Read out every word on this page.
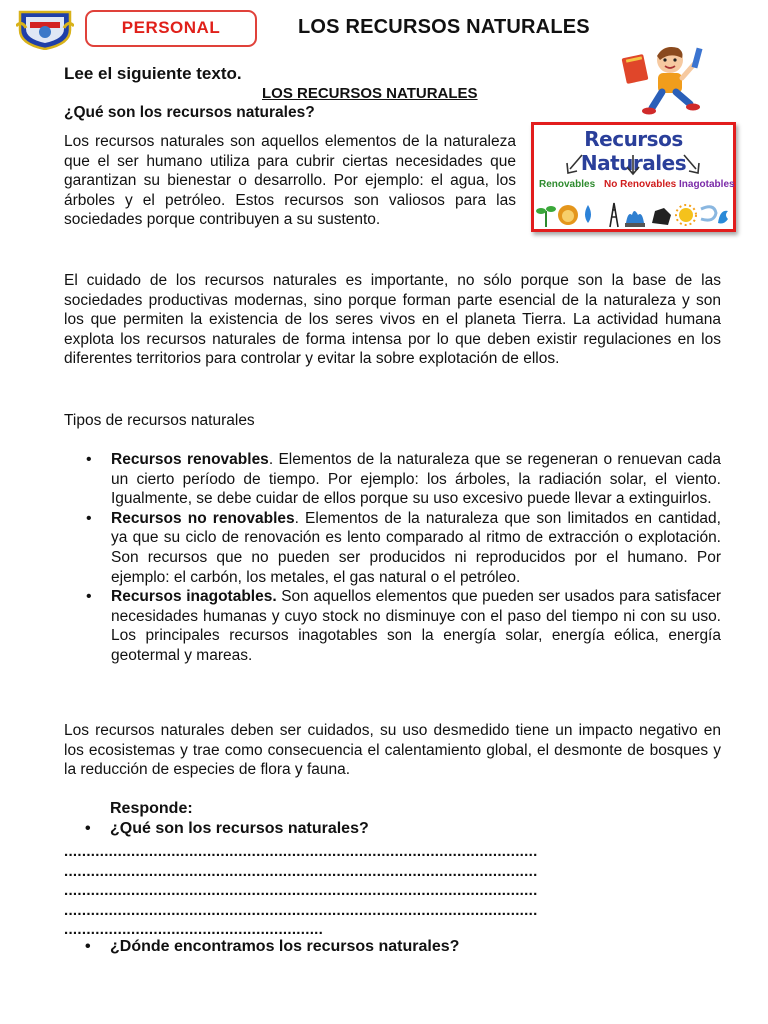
PERSONAL	LOS RECURSOS NATURALES
Lee el siguiente texto.
LOS RECURSOS NATURALES
¿Qué son los recursos naturales?

Los recursos naturales son aquellos elementos de la naturaleza que el ser humano utiliza para cubrir ciertas necesidades que garantizan su bienestar o desarrollo. Por ejemplo: el agua, los árboles y el petróleo. Estos recursos son valiosos para las sociedades porque contribuyen a su sustento.

Recursos Naturales
Renovables No Renovables Inagotables

El cuidado de los recursos naturales es importante, no sólo porque son la base de las sociedades productivas modernas, sino porque forman parte esencial de la naturaleza y son los que permiten la existencia de los seres vivos en el planeta Tierra. La actividad humana explota los recursos naturales de forma intensa por lo que deben existir regulaciones en los diferentes territorios para controlar y evitar la sobre explotación de ellos.

Tipos de recursos naturales
• Recursos renovables. Elementos de la naturaleza que se regeneran o renuevan cada un cierto período de tiempo. Por ejemplo: los árboles, la radiación solar, el viento. Igualmente, se debe cuidar de ellos porque su uso excesivo puede llevar a extinguirlos.
• Recursos no renovables. Elementos de la naturaleza que son limitados en cantidad, ya que su ciclo de renovación es lento comparado al ritmo de extracción o explotación. Son recursos que no pueden ser producidos ni reproducidos por el humano. Por ejemplo: el carbón, los metales, el gas natural o el petróleo.
• Recursos inagotables. Son aquellos elementos que pueden ser usados para satisfacer necesidades humanas y cuyo stock no disminuye con el paso del tiempo ni con su uso. Los principales recursos inagotables son la energía solar, energía eólica, energía geotermal y mareas.

Los recursos naturales deben ser cuidados, su uso desmedido tiene un impacto negativo en los ecosistemas y trae como consecuencia el calentamiento global, el desmonte de bosques y la reducción de especies de flora y fauna.

Responde:
• ¿Qué son los recursos naturales?
..........................................................................................................
..........................................................................................................
..........................................................................................................
..........................................................................................................
..........................................................
• ¿Dónde encontramos los recursos naturales?
